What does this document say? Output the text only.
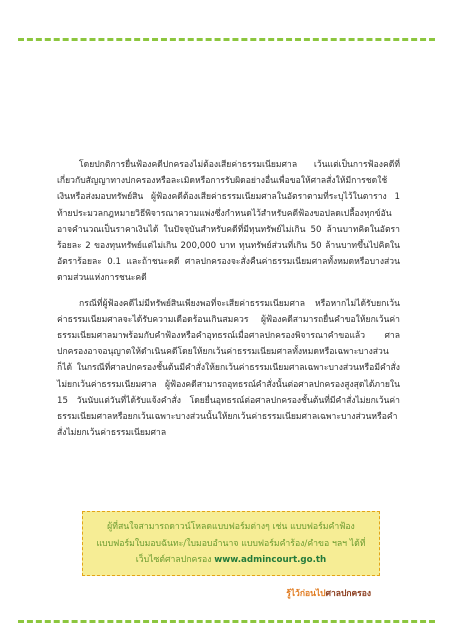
โดยปกติการยื่นฟ้องคดีปกครองไม่ต้องเสียค่าธรรมเนียมศาล เว้นแต่เป็นการฟ้องคดีที่เกี่ยวกับสัญญาทางปกครองหรือละเมิดหรือการรับผิดอย่างอื่นเพื่อขอให้ศาลสั่งให้มีการชดใช้เงินหรือส่งมอบทรัพย์สิน ผู้ฟ้องคดีต้องเสียค่าธรรมเนียมศาลในอัตราตามที่ระบุไว้ในตาราง 1 ท้ายประมวลกฎหมายวิธีพิจารณาความแพ่งซึ่งกำหนดไว้สำหรับคดีฟ้องขอปลดเปลื้องทุกข์อันอาจคำนวณเป็นราคาเงินได้ ในปัจจุบันสำหรับคดีที่มีทุนทรัพย์ไม่เกิน 50 ล้านบาทคิดในอัตราร้อยละ 2 ของทุนทรัพย์แต่ไม่เกิน 200,000 บาท ทุนทรัพย์ส่วนที่เกิน 50 ล้านบาทขึ้นไปคิดในอัตราร้อยละ 0.1 และถ้าชนะคดี ศาลปกครองจะสั่งคืนค่าธรรมเนียมศาลทั้งหมดหรือบางส่วนตามส่วนแห่งการชนะคดี

กรณีที่ผู้ฟ้องคดีไม่มีทรัพย์สินเพียงพอที่จะเสียค่าธรรมเนียมศาล หรือหากไม่ได้รับยกเว้นค่าธรรมเนียมศาลจะได้รับความเดือดร้อนเกินสมควร ผู้ฟ้องคดีสามารถยื่นคำขอให้ยกเว้นค่าธรรมเนียมศาลมาพร้อมกับคำฟ้องหรือคำอุทธรณ์เมื่อศาลปกครองพิจารณาคำขอแล้ว ศาลปกครองอาจอนุญาตให้ดำเนินคดีโดยให้ยกเว้นค่าธรรมเนียมศาลทั้งหมดหรือเฉพาะบางส่วนก็ได้ ในกรณีที่ศาลปกครองชั้นต้นมีคำสั่งให้ยกเว้นค่าธรรมเนียมศาลเฉพาะบางส่วนหรือมีคำสั่งไม่ยกเว้นค่าธรรมเนียมศาล ผู้ฟ้องคดีสามารถอุทธรณ์คำสั่งนั้นต่อศาลปกครองสูงสุดได้ภายใน 15 วันนับแต่วันที่ได้รับแจ้งคำสั่ง โดยยื่นอุทธรณ์ต่อศาลปกครองชั้นต้นที่มีคำสั่งไม่ยกเว้นค่าธรรมเนียมศาลหรือยกเว้นเฉพาะบางส่วนนั้นให้ยกเว้นค่าธรรมเนียมศาลเฉพาะบางส่วนหรือคำสั่งไม่ยกเว้นค่าธรรมเนียมศาล

ผู้ที่สนใจสามารถดาวน์โหลดแบบฟอร์มต่างๆ เช่น แบบฟอร์มคำฟ้อง
แบบฟอร์มใบมอบฉันทะ/ใบมอบอำนาจ แบบฟอร์มคำร้อง/คำขอ ฯลฯ ได้ที่
เว็บไซต์ศาลปกครอง www.admincourt.go.th
รู้ไว้ก่อนไปศาลปกครอง
